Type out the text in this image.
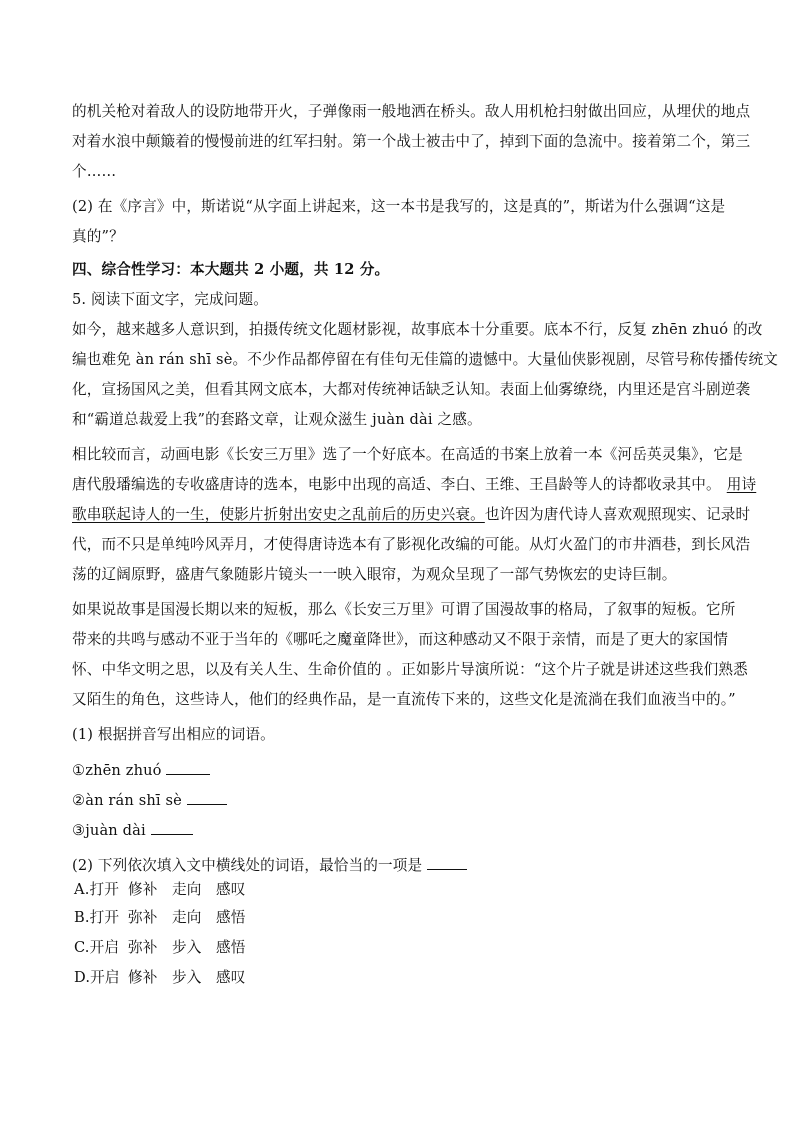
的机关枪对着敌人的设防地带开火，子弹像雨一般地洒在桥头。敌人用机枪扫射做出回应，从埋伏的地点
对着水浪中颠簸着的慢慢前进的红军扫射。第一个战士被击中了，掉到下面的急流中。接着第二个，第三
个……
(2) 在《序言》中，斯诺说“从字面上讲起来，这一本书是我写的，这是真的”，斯诺为什么强调“这是
真的”？
四、综合性学习：本大题共 2 小题，共 12 分。
5. 阅读下面文字，完成问题。
如今，越来越多人意识到，拍摄传统文化题材影视，故事底本十分重要。底本不行，反复 zhēn zhuó 的改
编也难免 àn rán shī sè。不少作品都停留在有佳句无佳篇的遗憾中。大量仙侠影视剧，尽管号称传播传统文
化，宣扬国风之美，但看其网文底本，大都对传统神话缺乏认知。表面上仙雾缭绕，内里还是宫斗剧逆袭
和“霸道总裁爱上我”的套路文章，让观众滋生 juàn dài 之感。
相比较而言，动画电影《长安三万里》选了一个好底本。在高适的书案上放着一本《河岳英灵集》，它是
唐代殷璠编选的专收盛唐诗的选本，电影中出现的高适、李白、王维、王昌龄等人的诗都收录其中。 用诗
歌串联起诗人的一生，使影片折射出安史之乱前后的历史兴衰。也许因为唐代诗人喜欢观照现实、记录时
代，而不只是单纯吟风弄月，才使得唐诗选本有了影视化改编的可能。从灯火盈门的市井酒巷，到长风浩
荡的辽阔原野，盛唐气象随影片镜头一一映入眼帘，为观众呈现了一部气势恢宏的史诗巨制。
如果说故事是国漫长期以来的短板，那么《长安三万里》可谓了国漫故事的格局，了叙事的短板。它所
带来的共鸣与感动不亚于当年的《哪吒之魔童降世》，而这种感动又不限于亲情，而是了更大的家国情
怀、中华文明之思，以及有关人生、生命价值的 。正如影片导演所说：“这个片子就是讲述这些我们熟悉
又陌生的角色，这些诗人，他们的经典作品，是一直流传下来的，这些文化是流淌在我们血液当中的。”
(1) 根据拼音写出相应的词语。
①zhēn zhuó
②àn rán shī sè
③juàn dài
(2) 下列依次填入文中横线处的词语，最恰当的一项是
A.打开 修补 走向 感叹
B.打开 弥补 走向 感悟
C.开启 弥补 步入 感悟
D.开启 修补 步入 感叹
